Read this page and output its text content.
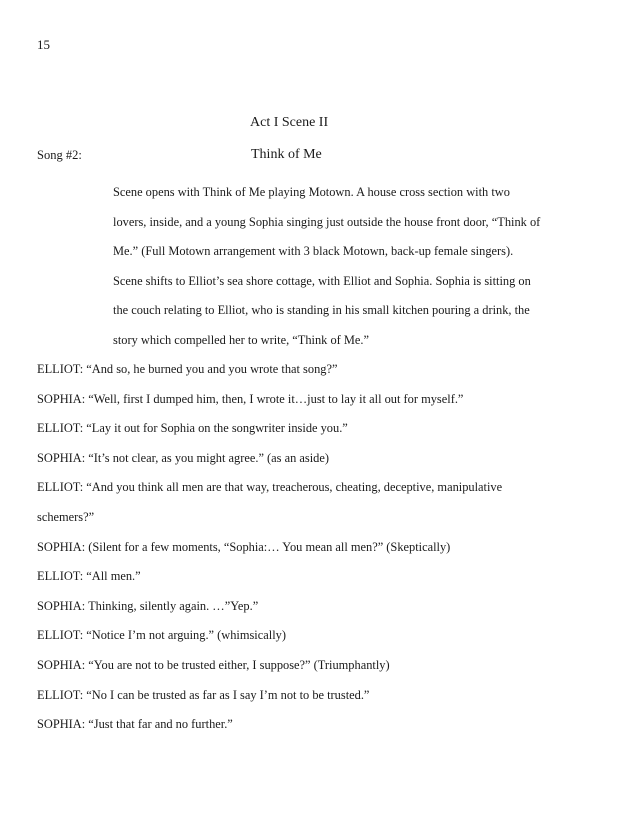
15
Act I Scene II
Song #2:	Think of Me
Scene opens with Think of Me playing Motown. A house cross section with two
lovers, inside, and a young Sophia singing just outside the house front door, “Think of
Me.” (Full Motown arrangement with 3 black Motown, back-up female singers).
Scene shifts to Elliot’s sea shore cottage, with Elliot and Sophia. Sophia is sitting on
the couch relating to Elliot, who is standing in his small kitchen pouring a drink, the
story which compelled her to write, “Think of Me.”
ELLIOT: “And so, he burned you and you wrote that song?”
SOPHIA: “Well, first I dumped him, then, I wrote it…just to lay it all out for myself.”
ELLIOT: “Lay it out for Sophia on the songwriter inside you.”
SOPHIA: “It’s not clear, as you might agree.” (as an aside)
ELLIOT: “And you think all men are that way, treacherous, cheating, deceptive, manipulative
schemers?”
SOPHIA: (Silent for a few moments, “Sophia:… You mean all men?” (Skeptically)
ELLIOT: “All men.”
SOPHIA: Thinking, silently again. …”Yep.”
ELLIOT: “Notice I’m not arguing.” (whimsically)
SOPHIA: “You are not to be trusted either, I suppose?” (Triumphantly)
ELLIOT: “No I can be trusted as far as I say I’m not to be trusted.”
SOPHIA: “Just that far and no further.”
